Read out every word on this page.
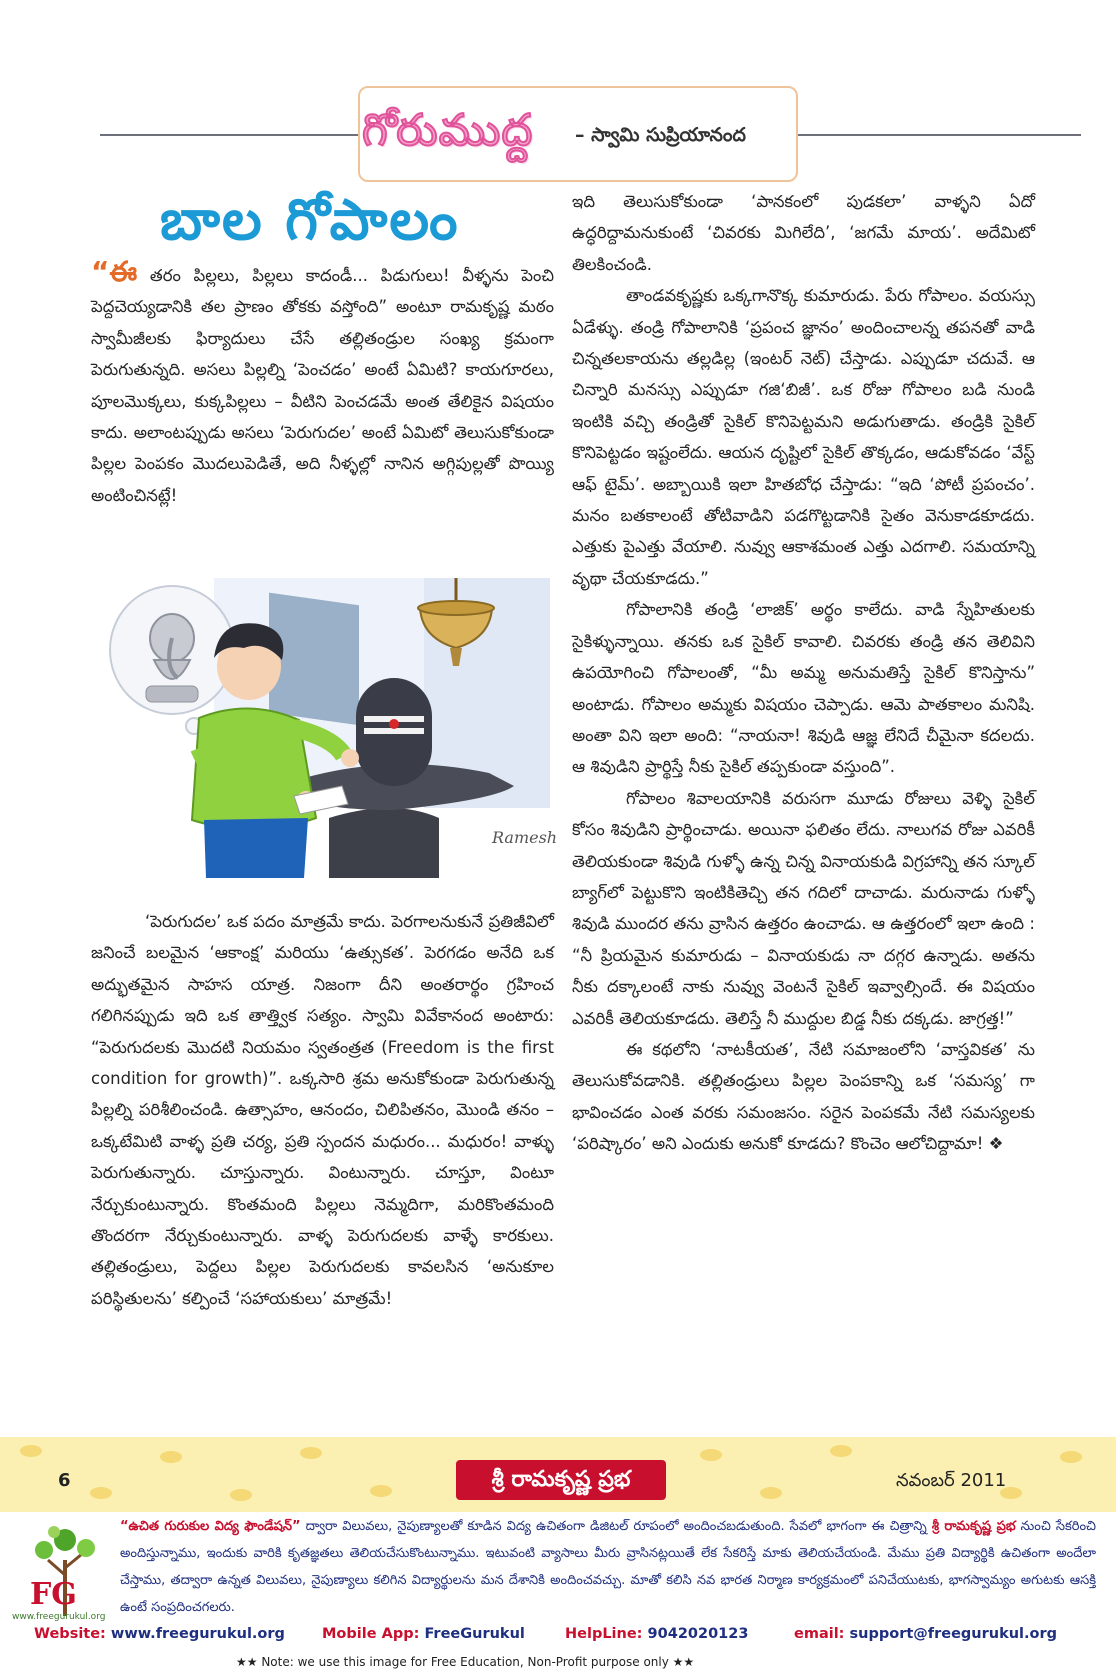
గోరుముద్ద	– స్వామి సుప్రియానంద
బాల గోపాలం

“ఈ తరం పిల్లలు, పిల్లలు కాదండీ... పిడుగులు! వీళ్ళను పెంచి పెద్దచెయ్యడానికి తల ప్రాణం తోకకు వస్తోంది” అంటూ రామకృష్ణ మఠం స్వామీజీలకు ఫిర్యాదులు చేసే తల్లితండ్రుల సంఖ్య క్రమంగా పెరుగుతున్నది. అసలు పిల్లల్ని ‘పెంచడం’ అంటే ఏమిటి? కాయగూరలు, పూలమొక్కలు, కుక్కపిల్లలు – వీటిని పెంచడమే అంత తేలికైన విషయం కాదు. అలాంటప్పుడు అసలు ‘పెరుగుదల’ అంటే ఏమిటో తెలుసుకోకుండా పిల్లల పెంపకం మొదలుపెడితే, అది నీళ్ళల్లో నానిన అగ్గిపుల్లతో పొయ్యి అంటించినట్లే!

Ramesh

‘పెరుగుదల’ ఒక పదం మాత్రమే కాదు. పెరగాలనుకునే ప్రతిజీవిలో జనించే బలమైన ‘ఆకాంక్ష’ మరియు ‘ఉత్సుకత’. పెరగడం అనేది ఒక అద్భుతమైన సాహస యాత్ర. నిజంగా దీని అంతరార్థం గ్రహించ గలిగినప్పుడు ఇది ఒక తాత్త్విక సత్యం. స్వామి వివేకానంద అంటారు: “పెరుగుదలకు మొదటి నియమం స్వతంత్రత (Freedom is the first condition for growth)”. ఒక్కసారి శ్రమ అనుకోకుండా పెరుగుతున్న పిల్లల్ని పరిశీలించండి. ఉత్సాహం, ఆనందం, చిలిపితనం, మొండి తనం – ఒక్కటేమిటి వాళ్ళ ప్రతి చర్య, ప్రతి స్పందన మధురం... మధురం! వాళ్ళు పెరుగుతున్నారు. చూస్తున్నారు. వింటున్నారు. చూస్తూ, వింటూ నేర్చుకుంటున్నారు. కొంతమంది పిల్లలు నెమ్మదిగా, మరికొంతమంది తొందరగా నేర్చుకుంటున్నారు. వాళ్ళ పెరుగుదలకు వాళ్ళే కారకులు. తల్లితండ్రులు, పెద్దలు పిల్లల పెరుగుదలకు కావలసిన ‘అనుకూల పరిస్థితులను’ కల్పించే ‘సహాయకులు’ మాత్రమే!

ఇది తెలుసుకోకుండా ‘పానకంలో పుడకలా’ వాళ్ళని ఏదో ఉద్ధరిద్దామనుకుంటే ‘చివరకు మిగిలేది’, ‘జగమే మాయ’. అదేమిటో తిలకించండి.

తాండవకృష్ణకు ఒక్కగానొక్క కుమారుడు. పేరు గోపాలం. వయస్సు ఏడేళ్ళు. తండ్రి గోపాలానికి ‘ప్రపంచ జ్ఞానం’ అందించాలన్న తపనతో వాడి చిన్నతలకాయను తల్లడిల్ల (ఇంటర్ నెట్) చేస్తాడు. ఎప్పుడూ చదువే. ఆ చిన్నారి మనస్సు ఎప్పుడూ గజి‘బిజీ’. ఒక రోజు గోపాలం బడి నుండి ఇంటికి వచ్చి తండ్రితో సైకిల్ కొనిపెట్టమని అడుగుతాడు. తండ్రికి సైకిల్ కొనిపెట్టడం ఇష్టంలేదు. ఆయన దృష్టిలో సైకిల్ తొక్కడం, ఆడుకోవడం ‘వేస్ట్ ఆఫ్ టైమ్’. అబ్బాయికి ఇలా హితబోధ చేస్తాడు: “ఇది ‘పోటీ ప్రపంచం’. మనం బతకాలంటే తోటివాడిని పడగొట్టడానికి సైతం వెనుకాడకూడదు. ఎత్తుకు పైఎత్తు వేయాలి. నువ్వు ఆకాశమంత ఎత్తు ఎదగాలి. సమయాన్ని వృథా చేయకూడదు.”

గోపాలానికి తండ్రి ‘లాజిక్’ అర్థం కాలేదు. వాడి స్నేహితులకు సైకిళ్ళున్నాయి. తనకు ఒక సైకిల్ కావాలి. చివరకు తండ్రి తన తెలివిని ఉపయోగించి గోపాలంతో, “మీ అమ్మ అనుమతిస్తే సైకిల్ కొనిస్తాను” అంటాడు. గోపాలం అమ్మకు విషయం చెప్పాడు. ఆమె పాతకాలం మనిషి. అంతా విని ఇలా అంది: “నాయనా! శివుడి ఆజ్ఞ లేనిదే చీమైనా కదలదు. ఆ శివుడిని ప్రార్థిస్తే నీకు సైకిల్ తప్పకుండా వస్తుంది”.

గోపాలం శివాలయానికి వరుసగా మూడు రోజులు వెళ్ళి సైకిల్ కోసం శివుడిని ప్రార్థించాడు. అయినా ఫలితం లేదు. నాలుగవ రోజు ఎవరికీ తెలియకుండా శివుడి గుళ్ళో ఉన్న చిన్న వినాయకుడి విగ్రహాన్ని తన స్కూల్ బ్యాగ్‌లో పెట్టుకొని ఇంటికితెచ్చి తన గదిలో దాచాడు. మరునాడు గుళ్ళో శివుడి ముందర తను వ్రాసిన ఉత్తరం ఉంచాడు. ఆ ఉత్తరంలో ఇలా ఉంది : “నీ ప్రియమైన కుమారుడు – వినాయకుడు నా దగ్గర ఉన్నాడు. అతను నీకు దక్కాలంటే నాకు నువ్వు వెంటనే సైకిల్ ఇవ్వాల్సిందే. ఈ విషయం ఎవరికీ తెలియకూడదు. తెలిస్తే నీ ముద్దుల బిడ్డ నీకు దక్కడు. జాగ్రత్త!”

ఈ కథలోని ‘నాటకీయత’, నేటి సమాజంలోని ‘వాస్తవికత’ ను తెలుసుకోవడానికి. తల్లితండ్రులు పిల్లల పెంపకాన్ని ఒక ‘సమస్య’ గా భావించడం ఎంత వరకు సమంజసం. సరైన పెంపకమే నేటి సమస్యలకు ‘పరిష్కారం’ అని ఎందుకు అనుకో కూడదు? కొంచెం ఆలోచిద్దామా! ❖

6	శ్రీ రామకృష్ణ ప్రభ	నవంబర్ 2011
FG
www.freegurukul.org
“ఉచిత గురుకుల విద్య ఫౌండేషన్” ద్వారా విలువలు, నైపుణ్యాలతో కూడిన విద్య ఉచితంగా డిజిటల్ రూపంలో అందించబడుతుంది. సేవలో భాగంగా ఈ చిత్రాన్ని శ్రీ రామకృష్ణ ప్రభ నుంచి సేకరించి అందిస్తున్నాము, ఇందుకు వారికి కృతజ్ఞతలు తెలియచేసుకొంటున్నాము. ఇటువంటి వ్యాసాలు మీరు వ్రాసినట్లయితే లేక సేకరిస్తే మాకు తెలియచేయండి. మేము ప్రతి విద్యార్థికి ఉచితంగా అందేలా చేస్తాము, తద్వారా ఉన్నత విలువలు, నైపుణ్యాలు కలిగిన విద్యార్థులను మన దేశానికి అందించవచ్చు. మాతో కలిసి నవ భారత నిర్మాణ కార్యక్రమంలో పనిచేయుటకు, భాగస్వామ్యం అగుటకు ఆసక్తి ఉంటే సంప్రదించగలరు.
Website: www.freegurukul.org	Mobile App: FreeGurukul	HelpLine: 9042020123	email: support@freegurukul.org
★★ Note: we use this image for Free Education, Non-Profit purpose only ★★
